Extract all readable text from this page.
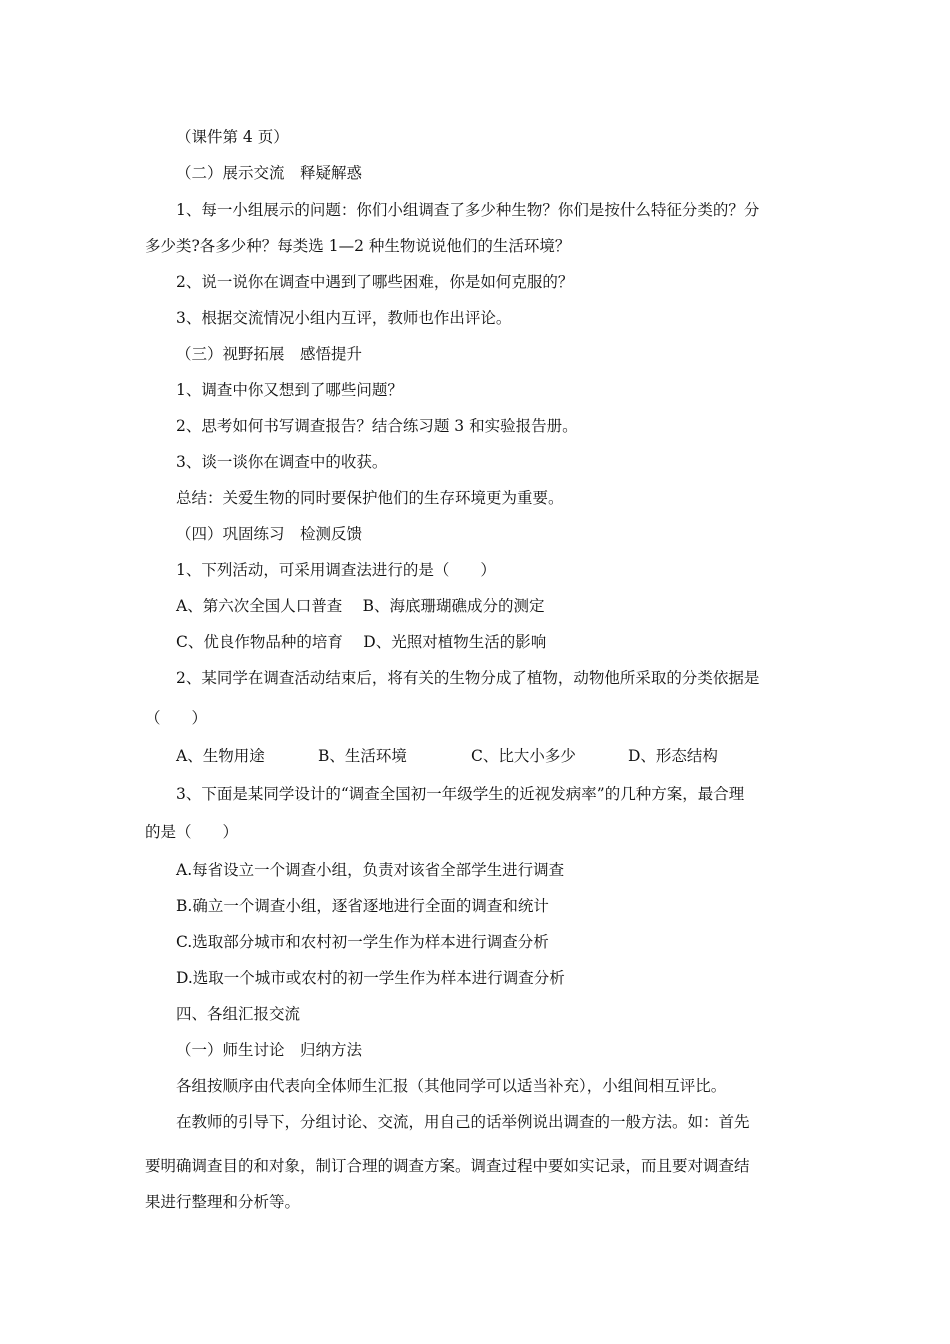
（课件第 4 页）
（二）展示交流　释疑解惑
1、每一小组展示的问题：你们小组调查了多少种生物？你们是按什么特征分类的？分
多少类?各多少种？每类选 1—2 种生物说说他们的生活环境？
2、说一说你在调查中遇到了哪些困难，你是如何克服的？
3、根据交流情况小组内互评，教师也作出评论。
（三）视野拓展　感悟提升
1、调查中你又想到了哪些问题？
2、思考如何书写调查报告？结合练习题 3 和实验报告册。
3、谈一谈你在调查中的收获。
总结：关爱生物的同时要保护他们的生存环境更为重要。
（四）巩固练习　检测反馈
1、下列活动，可采用调查法进行的是（　　）
A、第六次全国人口普查　 B、海底珊瑚礁成分的测定
C、优良作物品种的培育　 D、光照对植物生活的影响
2、某同学在调查活动结束后，将有关的生物分成了植物，动物他所采取的分类依据是
（　　）
A、生物用途	B、生活环境	C、比大小多少	D、形态结构
3、下面是某同学设计的“调查全国初一年级学生的近视发病率”的几种方案，最合理
的是（　　）
A.每省设立一个调查小组，负责对该省全部学生进行调查
B.确立一个调查小组，逐省逐地进行全面的调查和统计
C.选取部分城市和农村初一学生作为样本进行调查分析
D.选取一个城市或农村的初一学生作为样本进行调查分析
四、各组汇报交流
（一）师生讨论　归纳方法
各组按顺序由代表向全体师生汇报（其他同学可以适当补充），小组间相互评比。
在教师的引导下，分组讨论、交流，用自己的话举例说出调查的一般方法。如：首先
要明确调查目的和对象，制订合理的调查方案。调查过程中要如实记录，而且要对调查结
果进行整理和分析等。
